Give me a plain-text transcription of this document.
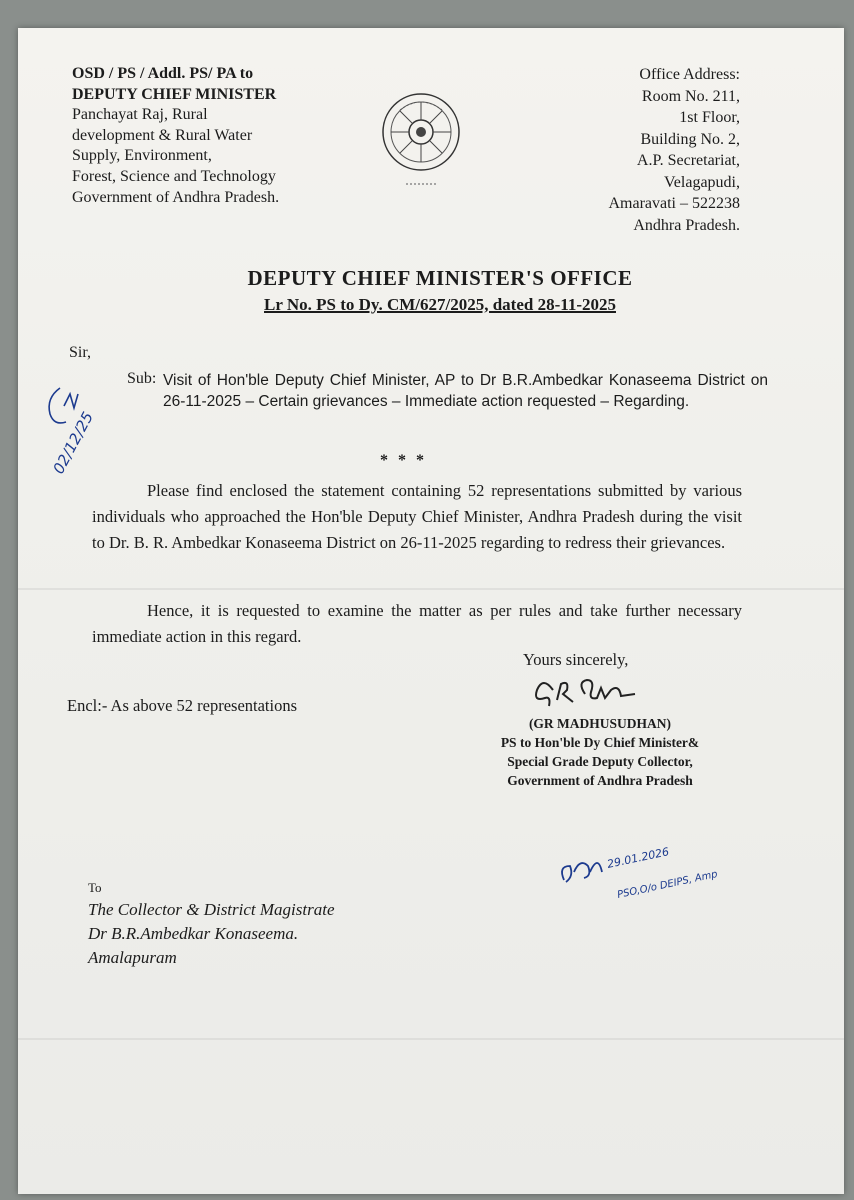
OSD / PS / Addl. PS/ PA to
DEPUTY CHIEF MINISTER
Panchayat Raj, Rural
development & Rural Water
Supply, Environment,
Forest, Science and Technology
Government of Andhra Pradesh.
Office Address:
Room No. 211,
1st Floor,
Building No. 2,
A.P. Secretariat,
Velagapudi,
Amaravati – 522238
Andhra Pradesh.
DEPUTY CHIEF MINISTER'S OFFICE
Lr No. PS to Dy. CM/627/2025, dated 28-11-2025
Sir,
02/12/25
Sub: Visit of Hon'ble Deputy Chief Minister, AP to Dr B.R.Ambedkar Konaseema District on 26-11-2025 – Certain grievances – Immediate action requested – Regarding.
* * *
Please find enclosed the statement containing 52 representations submitted by various individuals who approached the Hon'ble Deputy Chief Minister, Andhra Pradesh during the visit to Dr. B. R. Ambedkar Konaseema District on 26-11-2025 regarding to redress their grievances.
Hence, it is requested to examine the matter as per rules and take further necessary immediate action in this regard.
Yours sincerely,
Encl:- As above 52 representations
(GR MADHUSUDHAN)
PS to Hon'ble Dy Chief Minister&
Special Grade Deputy Collector,
Government of Andhra Pradesh
29.01.2026
PSO,O/o DEIPS, Amp
To
The Collector & District Magistrate
Dr B.R.Ambedkar Konaseema.
Amalapuram
